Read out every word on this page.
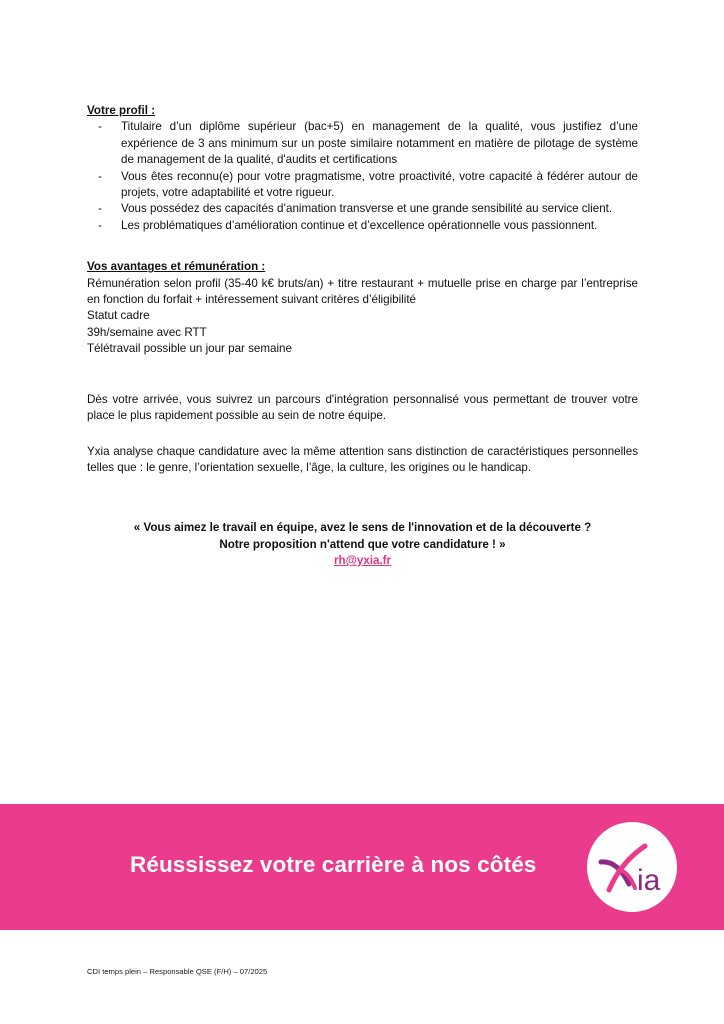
Votre profil :

- Titulaire d’un diplôme supérieur (bac+5) en management de la qualité, vous justifiez d’une expérience de 3 ans minimum sur un poste similaire notamment en matière de pilotage de système de management de la qualité, d'audits et certifications
- Vous êtes reconnu(e) pour votre pragmatisme, votre proactivité, votre capacité à fédérer autour de projets, votre adaptabilité et votre rigueur.
- Vous possédez des capacités d’animation transverse et une grande sensibilité au service client.
- Les problématiques d’amélioration continue et d’excellence opérationnelle vous passionnent.

Vos avantages et rémunération :

Rémunération selon profil (35-40 k€ bruts/an) + titre restaurant + mutuelle prise en charge par l’entreprise en fonction du forfait + intéressement suivant critères d’éligibilité

Statut cadre

39h/semaine avec RTT

Télétravail possible un jour par semaine

Dès votre arrivée, vous suivrez un parcours d'intégration personnalisé vous permettant de trouver votre place le plus rapidement possible au sein de notre équipe.

Yxia analyse chaque candidature avec la même attention sans distinction de caractéristiques personnelles telles que : le genre, l’orientation sexuelle, l’âge, la culture, les origines ou le handicap.

« Vous aimez le travail en équipe, avez le sens de l'innovation et de la découverte ?

Notre proposition n'attend que votre candidature ! »

rh@yxia.fr

Réussissez votre carrière à nos côtés	ia
CDI temps plein – Responsable QSE (F/H) – 07/2025
